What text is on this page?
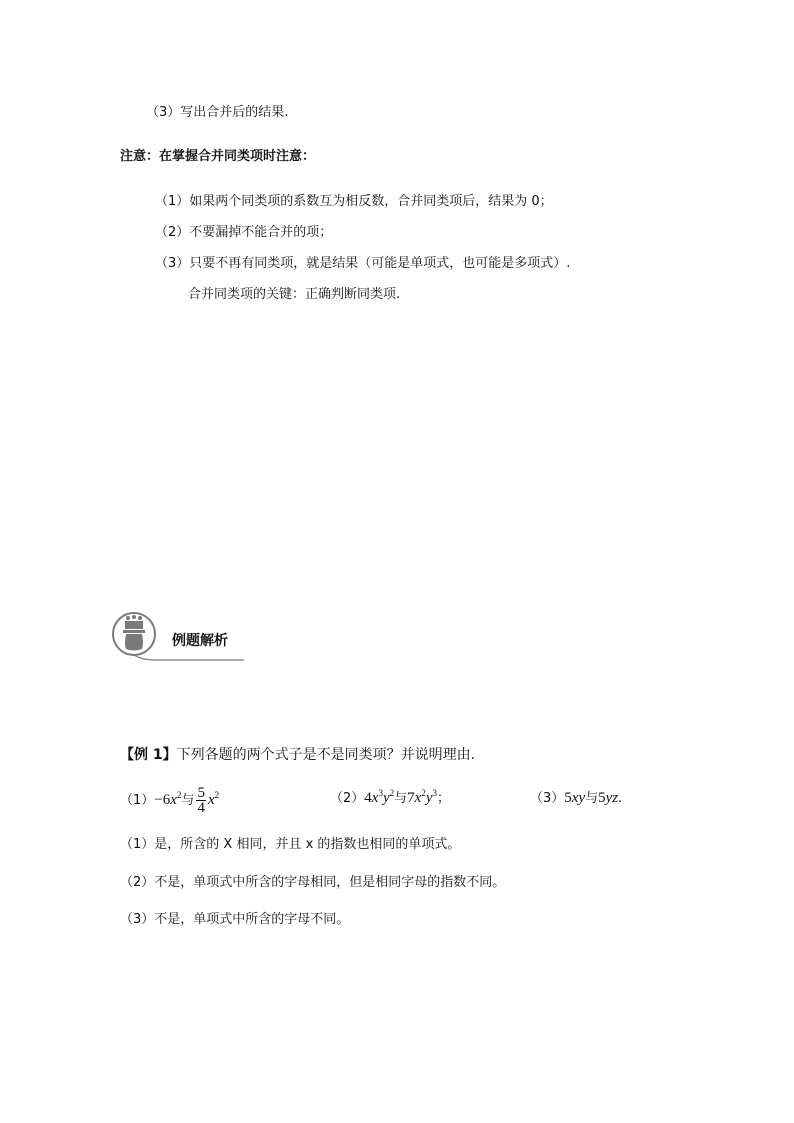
（3）写出合并后的结果.
注意：在掌握合并同类项时注意：
（1）如果两个同类项的系数互为相反数，合并同类项后，结果为 0；
（2）不要漏掉不能合并的项；
（3）只要不再有同类项，就是结果（可能是单项式，也可能是多项式）.
合并同类项的关键：正确判断同类项.
例题解析
【例 1】下列各题的两个式子是不是同类项？并说明理由.
$(1)-6x^2$与 $\frac{5}{4} x^2$	$(2)4x^3y^2$与$7x^2y^3$；	（3）5xy与5yz.
（1）是，所含的 X 相同，并且 x 的指数也相同的单项式。
（2）不是，单项式中所含的字母相同，但是相同字母的指数不同。
（3）不是，单项式中所含的字母不同。
